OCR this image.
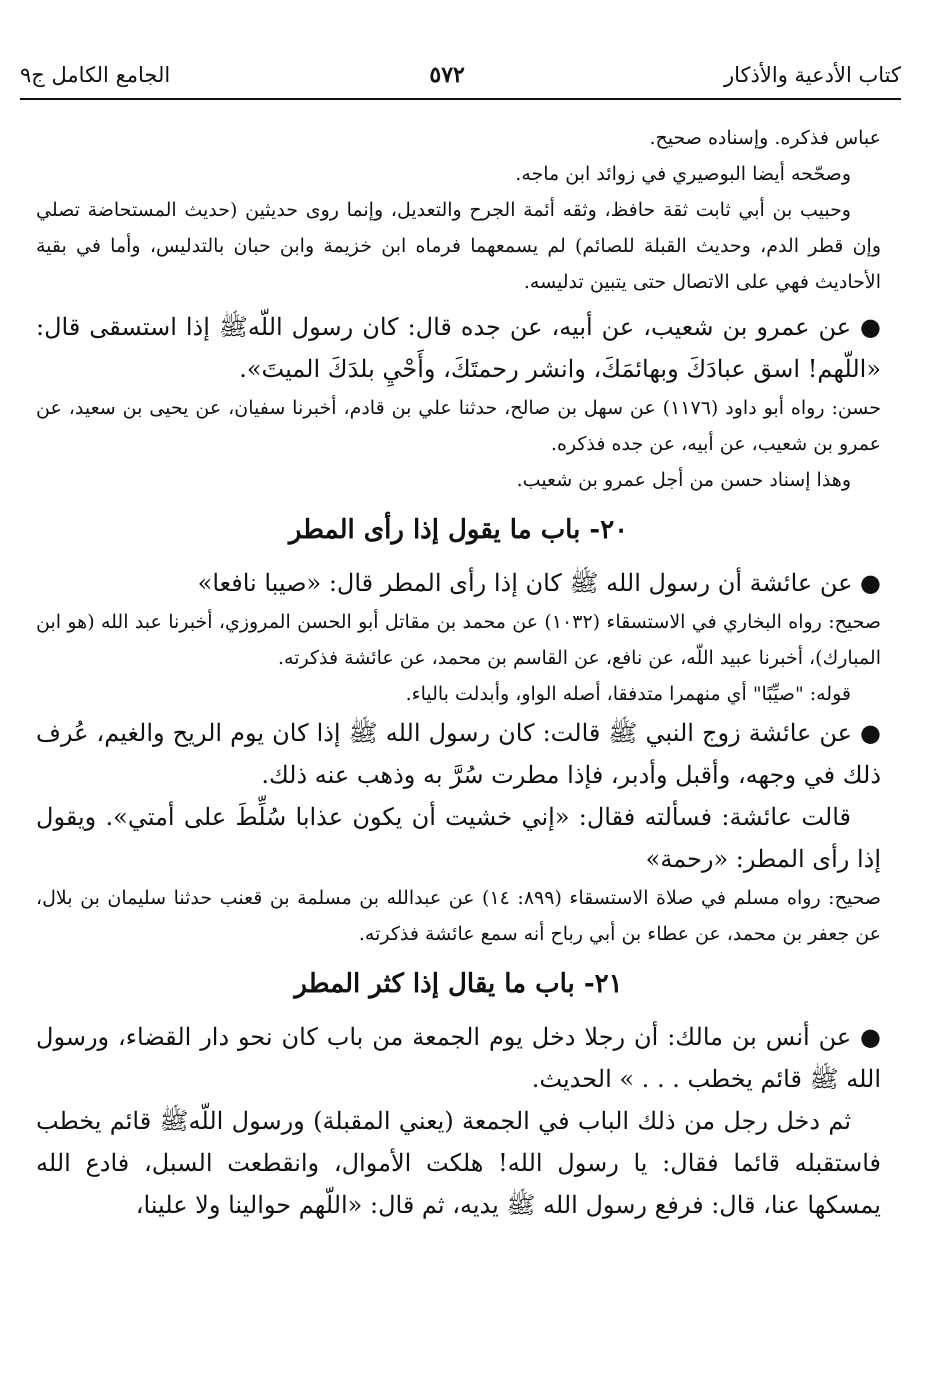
كتاب الأدعية والأذكار
٥٧٢
الجامع الكامل ج٩

عباس فذكره. وإسناده صحيح.

وصحّحه أيضا البوصيري في زوائد ابن ماجه.

وحبيب بن أبي ثابت ثقة حافظ، وثقه أئمة الجرح والتعديل، وإنما روى حديثين (حديث المستحاضة تصلي وإن قطر الدم، وحديث القبلة للصائم) لم يسمعهما فرماه ابن خزيمة وابن حبان بالتدليس، وأما في بقية الأحاديث فهي على الاتصال حتى يتبين تدليسه.

● عن عمرو بن شعيب، عن أبيه، عن جده قال: كان رسول اللّهﷺ إذا استسقى قال: «اللّهم! اسق عبادَكَ وبهائمَكَ، وانشر رحمتَكَ، وأَحْيِ بلدَكَ الميتَ».

حسن: رواه أبو داود (١١٧٦) عن سهل بن صالح، حدثنا علي بن قادم، أخبرنا سفيان، عن يحيى بن سعيد، عن عمرو بن شعيب، عن أبيه، عن جده فذكره.

وهذا إسناد حسن من أجل عمرو بن شعيب.

٢٠- باب ما يقول إذا رأى المطر

● عن عائشة أن رسول الله ﷺ كان إذا رأى المطر قال: «صيبا نافعا»

صحيح: رواه البخاري في الاستسقاء (١٠٣٢) عن محمد بن مقاتل أبو الحسن المروزي، أخبرنا عبد الله (هو ابن المبارك)، أخبرنا عبيد اللّه، عن نافع، عن القاسم بن محمد، عن عائشة فذكرته.

قوله: "صيِّبًا" أي منهمرا متدفقا، أصله الواو، وأبدلت بالياء.

● عن عائشة زوج النبي ﷺ قالت: كان رسول الله ﷺ إذا كان يوم الريح والغيم، عُرف ذلك في وجهه، وأقبل وأدبر، فإذا مطرت سُرَّ به وذهب عنه ذلك.

قالت عائشة: فسألته فقال: «إني خشيت أن يكون عذابا سُلِّطَ على أمتي». ويقول إذا رأى المطر: «رحمة»

صحيح: رواه مسلم في صلاة الاستسقاء (٨٩٩: ١٤) عن عبدالله بن مسلمة بن قعنب حدثنا سليمان بن بلال، عن جعفر بن محمد، عن عطاء بن أبي رباح أنه سمع عائشة فذكرته.

٢١- باب ما يقال إذا كثر المطر

● عن أنس بن مالك: أن رجلا دخل يوم الجمعة من باب كان نحو دار القضاء، ورسول الله ﷺ قائم يخطب . . . » الحديث.

ثم دخل رجل من ذلك الباب في الجمعة (يعني المقبلة) ورسول اللّهﷺ قائم يخطب فاستقبله قائما فقال: يا رسول الله! هلكت الأموال، وانقطعت السبل، فادع الله يمسكها عنا، قال: فرفع رسول الله ﷺ يديه، ثم قال: «اللّهم حوالينا ولا علينا،
